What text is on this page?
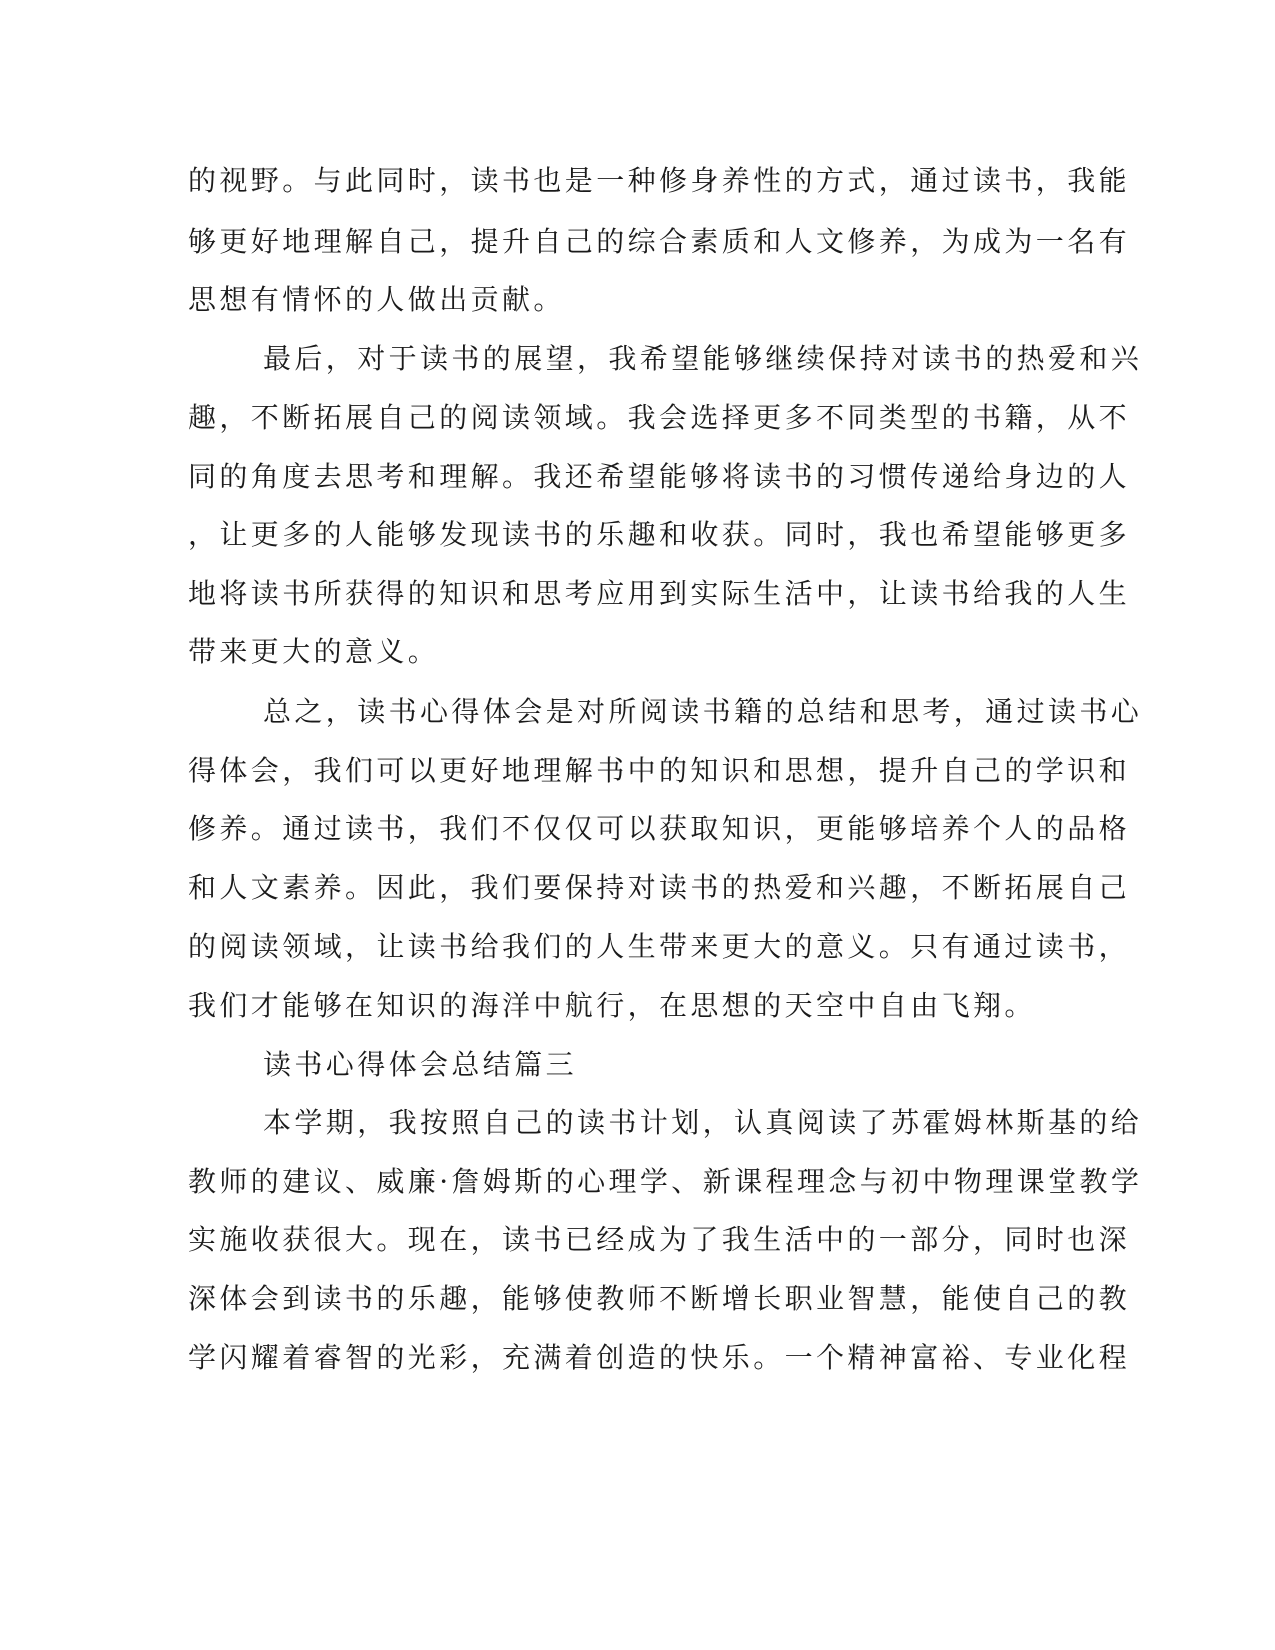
的视野。与此同时，读书也是一种修身养性的方式，通过读书，我能
够更好地理解自己，提升自己的综合素质和人文修养，为成为一名有
思想有情怀的人做出贡献。
最后，对于读书的展望，我希望能够继续保持对读书的热爱和兴
趣，不断拓展自己的阅读领域。我会选择更多不同类型的书籍，从不
同的角度去思考和理解。我还希望能够将读书的习惯传递给身边的人
，让更多的人能够发现读书的乐趣和收获。同时，我也希望能够更多
地将读书所获得的知识和思考应用到实际生活中，让读书给我的人生
带来更大的意义。
总之，读书心得体会是对所阅读书籍的总结和思考，通过读书心
得体会，我们可以更好地理解书中的知识和思想，提升自己的学识和
修养。通过读书，我们不仅仅可以获取知识，更能够培养个人的品格
和人文素养。因此，我们要保持对读书的热爱和兴趣，不断拓展自己
的阅读领域，让读书给我们的人生带来更大的意义。只有通过读书，
我们才能够在知识的海洋中航行，在思想的天空中自由飞翔。
读书心得体会总结篇三
本学期，我按照自己的读书计划，认真阅读了苏霍姆林斯基的给
教师的建议、威廉·詹姆斯的心理学、新课程理念与初中物理课堂教学
实施收获很大。现在，读书已经成为了我生活中的一部分，同时也深
深体会到读书的乐趣，能够使教师不断增长职业智慧，能使自己的教
学闪耀着睿智的光彩，充满着创造的快乐。一个精神富裕、专业化程
